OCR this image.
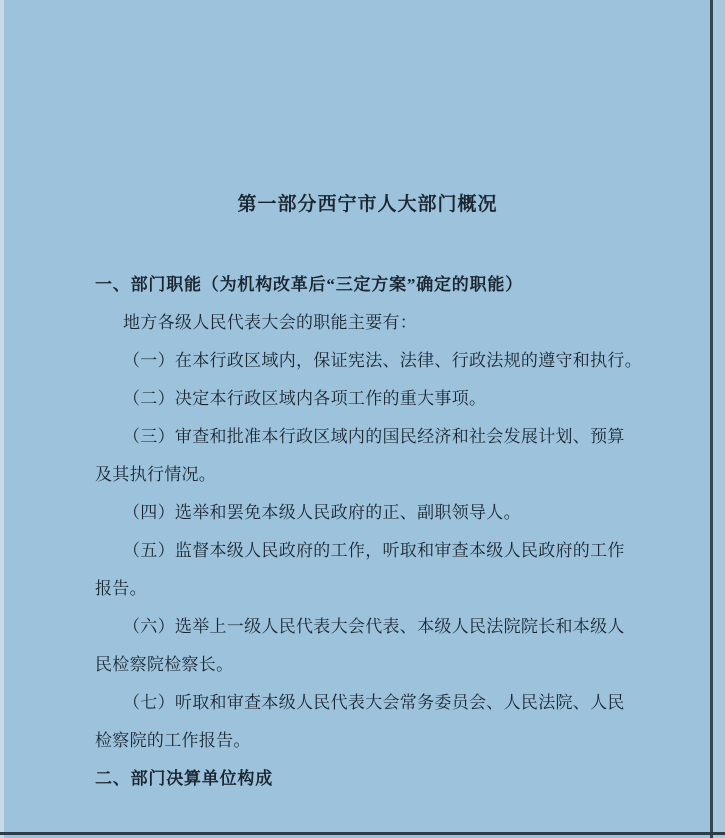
第一部分西宁市人大部门概况
一、部门职能（为机构改革后“三定方案”确定的职能）
地方各级人民代表大会的职能主要有：
（一）在本行政区域内，保证宪法、法律、行政法规的遵守和执行。
（二）决定本行政区域内各项工作的重大事项。
（三）审查和批准本行政区域内的国民经济和社会发展计划、预算
及其执行情况。
（四）选举和罢免本级人民政府的正、副职领导人。
（五）监督本级人民政府的工作，听取和审查本级人民政府的工作
报告。
（六）选举上一级人民代表大会代表、本级人民法院院长和本级人
民检察院检察长。
（七）听取和审查本级人民代表大会常务委员会、人民法院、人民
检察院的工作报告。
二、部门决算单位构成
